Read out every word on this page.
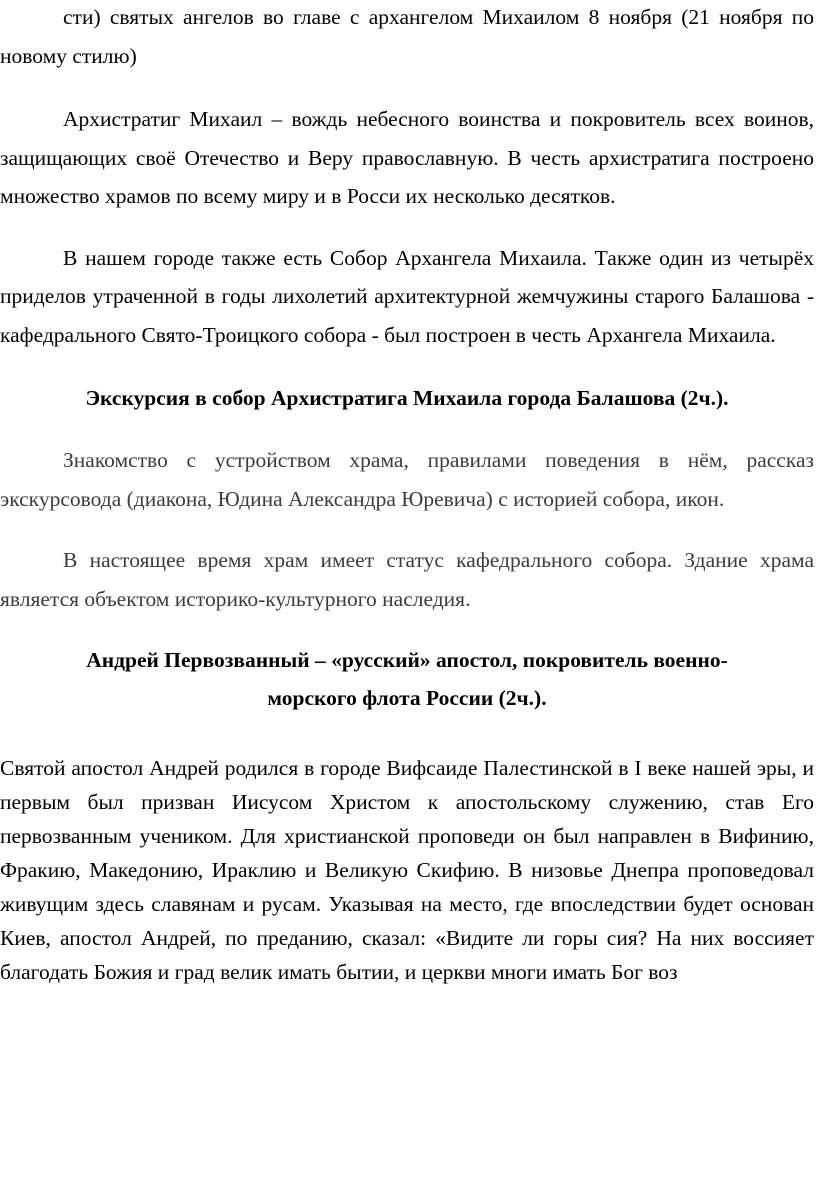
сти) святых ангелов во главе с архангелом Михаилом 8 ноября (21 ноября по новому стилю)

Архистратиг Михаил – вождь небесного воинства и покровитель всех воинов, защищающих своё Отечество и Веру православную. В честь архистратига построено множество храмов по всему миру и в Росси их несколько десятков.

В нашем городе также есть Собор Архангела Михаила. Также один из четырёх приделов утраченной в годы лихолетий архитектурной жемчужины старого Балашова - кафедрального Свято-Троицкого собора - был построен в честь Архангела Михаила.

Экскурсия в собор Архистратига Михаила города Балашова (2ч.).

Знакомство с устройством храма, правилами поведения в нём, рассказ экскурсовода (диакона, Юдина Александра Юревича) с историей собора, икон.

В настоящее время храм имеет статус кафедрального собора. Здание храма является объектом историко-культурного наследия.

Андрей Первозванный – «русский» апостол, покровитель военно-

морского флота России (2ч.).

Святой апостол Андрей родился в городе Вифсаиде Палестинской в I веке нашей эры, и первым был призван Иисусом Христом к апостольскому служению, став Его первозванным учеником. Для христианской проповеди он был направлен в Вифинию, Фракию, Македонию, Ираклию и Великую Скифию. В низовье Днепра проповедовал живущим здесь славянам и русам. Указывая на место, где впоследствии будет основан Киев, апостол Андрей, по преданию, сказал: «Видите ли горы сия? На них воссияет благодать Божия и град велик имать бытии, и церкви многи имать Бог воз
